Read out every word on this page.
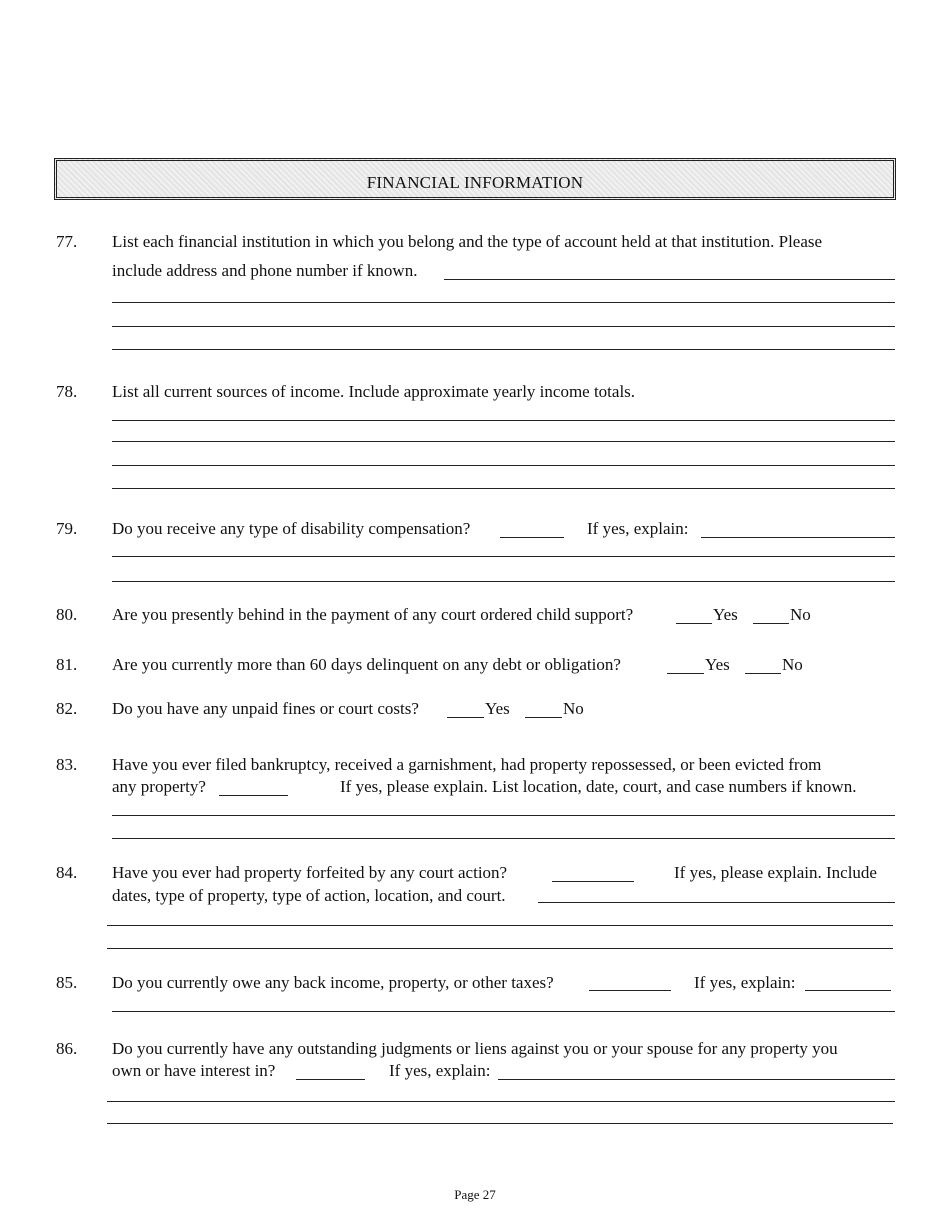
FINANCIAL INFORMATION
77. List each financial institution in which you belong and the type of account held at that institution. Please
include address and phone number if known.
78. List all current sources of income. Include approximate yearly income totals.
79. Do you receive any type of disability compensation?	If yes, explain:
80. Are you presently behind in the payment of any court ordered child support?	Yes	No
81. Are you currently more than 60 days delinquent on any debt or obligation?	Yes	No
82. Do you have any unpaid fines or court costs?	Yes	No
83. Have you ever filed bankruptcy, received a garnishment, had property repossessed, or been evicted from
any property?	If yes, please explain. List location, date, court, and case numbers if known.
84. Have you ever had property forfeited by any court action?	If yes, please explain. Include
dates, type of property, type of action, location, and court.
85. Do you currently owe any back income, property, or other taxes?	If yes, explain:
86. Do you currently have any outstanding judgments or liens against you or your spouse for any property you
own or have interest in?	If yes, explain:
Page 27
